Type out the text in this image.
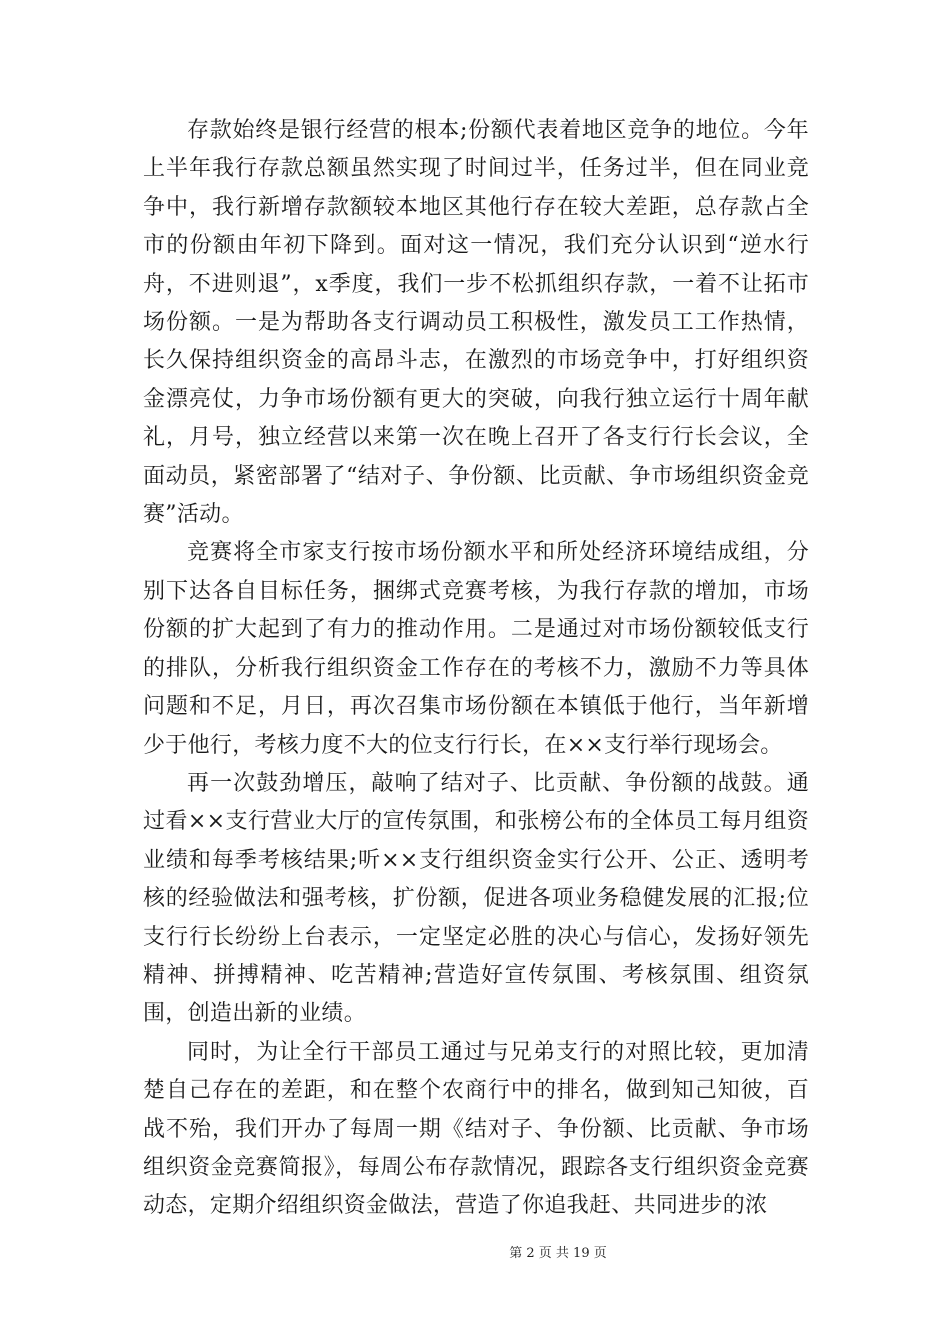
存款始终是银行经营的根本;份额代表着地区竞争的地位。今年上半年我行存款总额虽然实现了时间过半，任务过半，但在同业竞争中，我行新增存款额较本地区其他行存在较大差距，总存款占全市的份额由年初下降到。面对这一情况，我们充分认识到“逆水行舟，不进则退”，x季度，我们一步不松抓组织存款，一着不让拓市场份额。一是为帮助各支行调动员工积极性，激发员工工作热情，长久保持组织资金的高昂斗志，在激烈的市场竞争中，打好组织资金漂亮仗，力争市场份额有更大的突破，向我行独立运行十周年献礼，月号，独立经营以来第一次在晚上召开了各支行行长会议，全面动员，紧密部署了“结对子、争份额、比贡献、争市场组织资金竞赛”活动。

竞赛将全市家支行按市场份额水平和所处经济环境结成组，分别下达各自目标任务，捆绑式竞赛考核，为我行存款的增加，市场份额的扩大起到了有力的推动作用。二是通过对市场份额较低支行的排队，分析我行组织资金工作存在的考核不力，激励不力等具体问题和不足，月日，再次召集市场份额在本镇低于他行，当年新增少于他行，考核力度不大的位支行行长，在××支行举行现场会。

再一次鼓劲增压，敲响了结对子、比贡献、争份额的战鼓。通过看××支行营业大厅的宣传氛围，和张榜公布的全体员工每月组资业绩和每季考核结果;听××支行组织资金实行公开、公正、透明考核的经验做法和强考核，扩份额，促进各项业务稳健发展的汇报;位支行行长纷纷上台表示，一定坚定必胜的决心与信心，发扬好领先精神、拼搏精神、吃苦精神;营造好宣传氛围、考核氛围、组资氛围，创造出新的业绩。

同时，为让全行干部员工通过与兄弟支行的对照比较，更加清楚自己存在的差距，和在整个农商行中的排名，做到知己知彼，百战不殆，我们开办了每周一期《结对子、争份额、比贡献、争市场组织资金竞赛简报》，每周公布存款情况，跟踪各支行组织资金竞赛动态，定期介绍组织资金做法，营造了你追我赶、共同进步的浓

第 2 页 共 19 页
